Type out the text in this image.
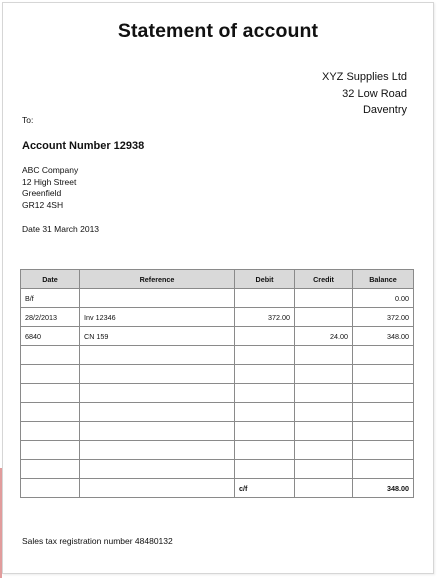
Statement of account
XYZ Supplies Ltd
32 Low Road
Daventry
To:
Account Number 12938
ABC Company
12 High Street
Greenfield
GR12 4SH
Date 31 March 2013
Date	Reference	Debit	Credit	Balance
B/f				0.00
28/2/2013	Inv 12346	372.00		372.00
6840	CN 159		24.00	348.00

		c/f		348.00
Sales tax registration number 48480132
